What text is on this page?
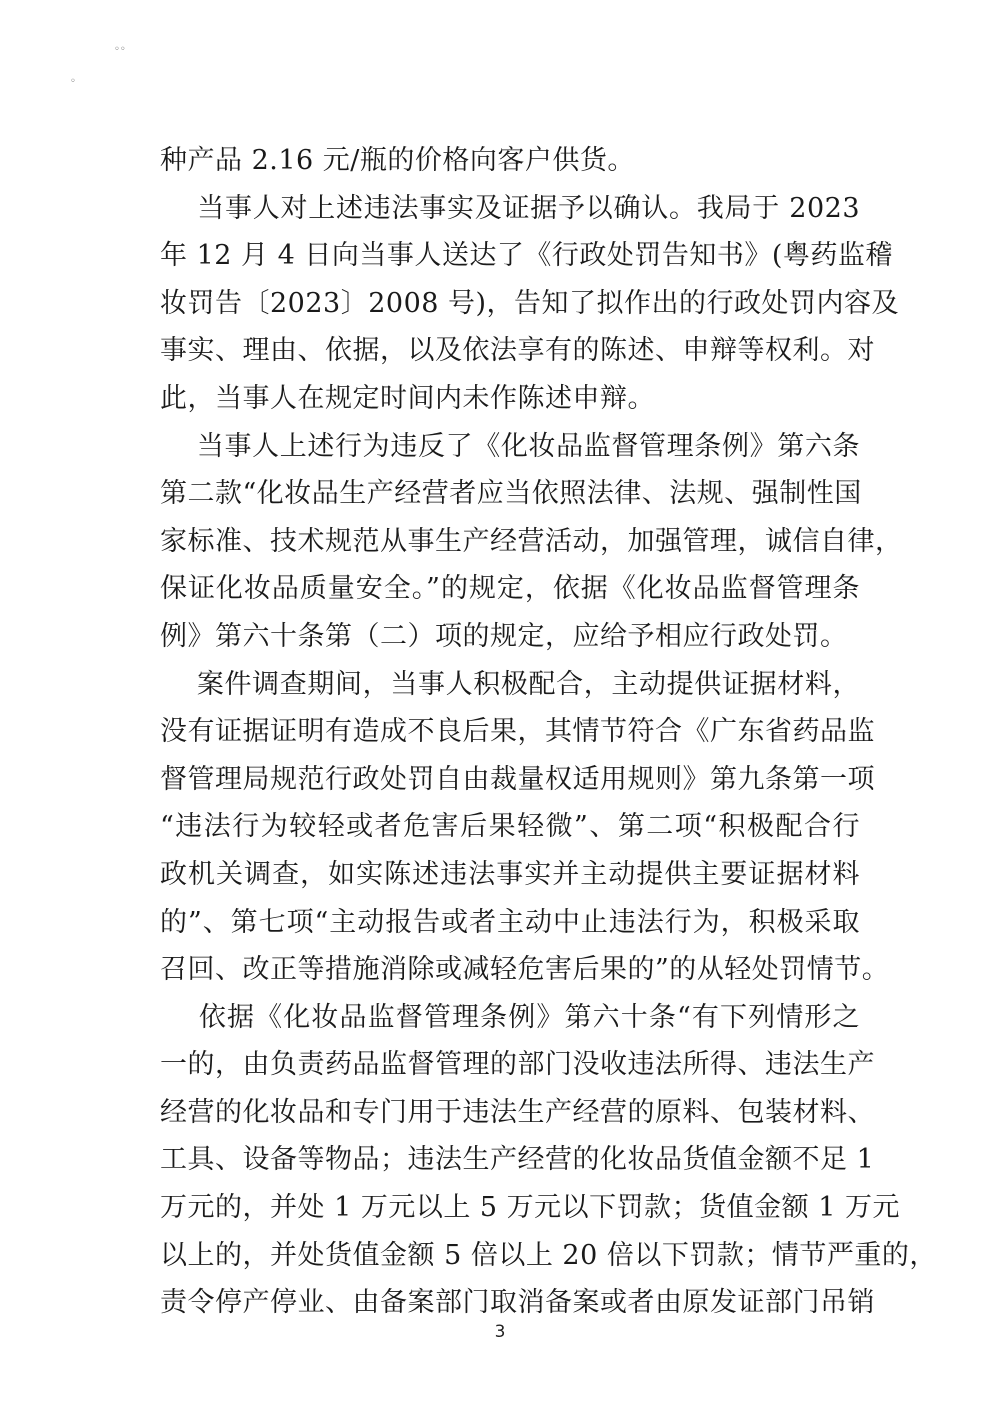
◦◦
◦
种产品 2.16 元/瓶的价格向客户供货。
当事人对上述违法事实及证据予以确认。我局于 2023
年 12 月 4 日向当事人送达了《行政处罚告知书》(粤药监稽
妆罚告〔2023〕2008 号)，告知了拟作出的行政处罚内容及
事实、理由、依据，以及依法享有的陈述、申辩等权利。对
此，当事人在规定时间内未作陈述申辩。
当事人上述行为违反了《化妆品监督管理条例》第六条
第二款“化妆品生产经营者应当依照法律、法规、强制性国
家标准、技术规范从事生产经营活动，加强管理，诚信自律，
保证化妆品质量安全。”的规定，依据《化妆品监督管理条
例》第六十条第（二）项的规定，应给予相应行政处罚。
案件调查期间，当事人积极配合，主动提供证据材料，
没有证据证明有造成不良后果，其情节符合《广东省药品监
督管理局规范行政处罚自由裁量权适用规则》第九条第一项
“违法行为较轻或者危害后果轻微”、第二项“积极配合行
政机关调查，如实陈述违法事实并主动提供主要证据材料
的”、第七项“主动报告或者主动中止违法行为，积极采取
召回、改正等措施消除或减轻危害后果的”的从轻处罚情节。
依据《化妆品监督管理条例》第六十条“有下列情形之
一的，由负责药品监督管理的部门没收违法所得、违法生产
经营的化妆品和专门用于违法生产经营的原料、包装材料、
工具、设备等物品；违法生产经营的化妆品货值金额不足 1
万元的，并处 1 万元以上 5 万元以下罚款；货值金额 1 万元
以上的，并处货值金额 5 倍以上 20 倍以下罚款；情节严重的，
责令停产停业、由备案部门取消备案或者由原发证部门吊销
3
